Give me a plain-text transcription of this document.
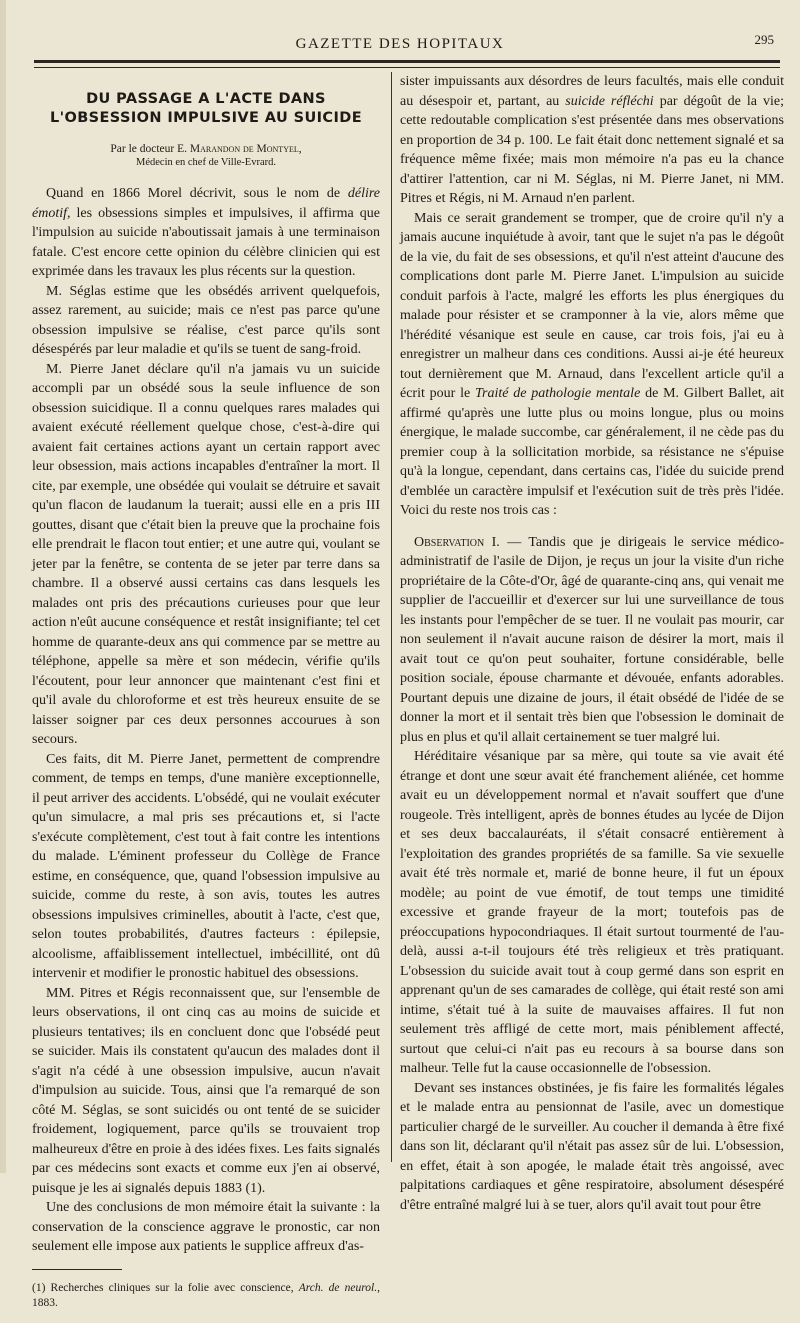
GAZETTE DES HOPITAUX	295
DU PASSAGE A L'ACTE DANS L'OBSESSION IMPULSIVE AU SUICIDE

Par le docteur E. Marandon de Montyel,

Médecin en chef de Ville-Evrard.

Quand en 1866 Morel décrivit, sous le nom de délire émotif, les obsessions simples et impulsives, il affirma que l'impulsion au suicide n'aboutissait jamais à une terminaison fatale. C'est encore cette opinion du célèbre clinicien qui est exprimée dans les travaux les plus récents sur la question.

M. Séglas estime que les obsédés arrivent quelquefois, assez rarement, au suicide; mais ce n'est pas parce qu'une obsession impulsive se réalise, c'est parce qu'ils sont désespérés par leur maladie et qu'ils se tuent de sang-froid.

M. Pierre Janet déclare qu'il n'a jamais vu un suicide accompli par un obsédé sous la seule influence de son obsession suicidique. Il a connu quelques rares malades qui avaient exécuté réellement quelque chose, c'est-à-dire qui avaient fait certaines actions ayant un certain rapport avec leur obsession, mais actions incapables d'entraîner la mort. Il cite, par exemple, une obsédée qui voulait se détruire et savait qu'un flacon de laudanum la tuerait; aussi elle en a pris III gouttes, disant que c'était bien la preuve que la prochaine fois elle prendrait le flacon tout entier; et une autre qui, voulant se jeter par la fenêtre, se contenta de se jeter par terre dans sa chambre. Il a observé aussi certains cas dans lesquels les malades ont pris des précautions curieuses pour que leur action n'eût aucune conséquence et restât insignifiante; tel cet homme de quarante-deux ans qui commence par se mettre au téléphone, appelle sa mère et son médecin, vérifie qu'ils l'écoutent, pour leur annoncer que maintenant c'est fini et qu'il avale du chloroforme et est très heureux ensuite de se laisser soigner par ces deux personnes accourues à son secours.

Ces faits, dit M. Pierre Janet, permettent de comprendre comment, de temps en temps, d'une manière exceptionnelle, il peut arriver des accidents. L'obsédé, qui ne voulait exécuter qu'un simulacre, a mal pris ses précautions et, si l'acte s'exécute complètement, c'est tout à fait contre les intentions du malade. L'éminent professeur du Collège de France estime, en conséquence, que, quand l'obsession impulsive au suicide, comme du reste, à son avis, toutes les autres obsessions impulsives criminelles, aboutit à l'acte, c'est que, selon toutes probabilités, d'autres facteurs : épilepsie, alcoolisme, affaiblissement intellectuel, imbécillité, ont dû intervenir et modifier le pronostic habituel des obsessions.

MM. Pitres et Régis reconnaissent que, sur l'ensemble de leurs observations, il ont cinq cas au moins de suicide et plusieurs tentatives; ils en concluent donc que l'obsédé peut se suicider. Mais ils constatent qu'aucun des malades dont il s'agit n'a cédé à une obsession impulsive, aucun n'avait d'impulsion au suicide. Tous, ainsi que l'a remarqué de son côté M. Séglas, se sont suicidés ou ont tenté de se suicider froidement, logiquement, parce qu'ils se trouvaient trop malheureux d'être en proie à des idées fixes. Les faits signalés par ces médecins sont exacts et comme eux j'en ai observé, puisque je les ai signalés depuis 1883 (1).

Une des conclusions de mon mémoire était la suivante : la conservation de la conscience aggrave le pronostic, car non seulement elle impose aux patients le supplice affreux d'as-

(1) Recherches cliniques sur la folie avec conscience, Arch. de neurol., 1883.

sister impuissants aux désordres de leurs facultés, mais elle conduit au désespoir et, partant, au suicide réfléchi par dégoût de la vie; cette redoutable complication s'est présentée dans mes observations en proportion de 34 p. 100. Le fait était donc nettement signalé et sa fréquence même fixée; mais mon mémoire n'a pas eu la chance d'attirer l'attention, car ni M. Séglas, ni M. Pierre Janet, ni MM. Pitres et Régis, ni M. Arnaud n'en parlent.

Mais ce serait grandement se tromper, que de croire qu'il n'y a jamais aucune inquiétude à avoir, tant que le sujet n'a pas le dégoût de la vie, du fait de ses obsessions, et qu'il n'est atteint d'aucune des complications dont parle M. Pierre Janet. L'impulsion au suicide conduit parfois à l'acte, malgré les efforts les plus énergiques du malade pour résister et se cramponner à la vie, alors même que l'hérédité vésanique est seule en cause, car trois fois, j'ai eu à enregistrer un malheur dans ces conditions. Aussi ai-je été heureux tout dernièrement que M. Arnaud, dans l'excellent article qu'il a écrit pour le Traité de pathologie mentale de M. Gilbert Ballet, ait affirmé qu'après une lutte plus ou moins longue, plus ou moins énergique, le malade succombe, car généralement, il ne cède pas du premier coup à la sollicitation morbide, sa résistance ne s'épuise qu'à la longue, cependant, dans certains cas, l'idée du suicide prend d'emblée un caractère impulsif et l'exécution suit de très près l'idée. Voici du reste nos trois cas :

Observation I. — Tandis que je dirigeais le service médico-administratif de l'asile de Dijon, je reçus un jour la visite d'un riche propriétaire de la Côte-d'Or, âgé de quarante-cinq ans, qui venait me supplier de l'accueillir et d'exercer sur lui une surveillance de tous les instants pour l'empêcher de se tuer. Il ne voulait pas mourir, car non seulement il n'avait aucune raison de désirer la mort, mais il avait tout ce qu'on peut souhaiter, fortune considérable, belle position sociale, épouse charmante et dévouée, enfants adorables. Pourtant depuis une dizaine de jours, il était obsédé de l'idée de se donner la mort et il sentait très bien que l'obsession le dominait de plus en plus et qu'il allait certainement se tuer malgré lui.

Héréditaire vésanique par sa mère, qui toute sa vie avait été étrange et dont une sœur avait été franchement aliénée, cet homme avait eu un développement normal et n'avait souffert que d'une rougeole. Très intelligent, après de bonnes études au lycée de Dijon et ses deux baccalauréats, il s'était consacré entièrement à l'exploitation des grandes propriétés de sa famille. Sa vie sexuelle avait été très normale et, marié de bonne heure, il fut un époux modèle; au point de vue émotif, de tout temps une timidité excessive et grande frayeur de la mort; toutefois pas de préoccupations hypocondriaques. Il était surtout tourmenté de l'au-delà, aussi a-t-il toujours été très religieux et très pratiquant. L'obsession du suicide avait tout à coup germé dans son esprit en apprenant qu'un de ses camarades de collège, qui était resté son ami intime, s'était tué à la suite de mauvaises affaires. Il fut non seulement très affligé de cette mort, mais péniblement affecté, surtout que celui-ci n'ait pas eu recours à sa bourse dans son malheur. Telle fut la cause occasionnelle de l'obsession.

Devant ses instances obstinées, je fis faire les formalités légales et le malade entra au pensionnat de l'asile, avec un domestique particulier chargé de le surveiller. Au coucher il demanda à être fixé dans son lit, déclarant qu'il n'était pas assez sûr de lui. L'obsession, en effet, était à son apogée, le malade était très angoissé, avec palpitations cardiaques et gêne respiratoire, absolument désespéré d'être entraîné malgré lui à se tuer, alors qu'il avait tout pour être
